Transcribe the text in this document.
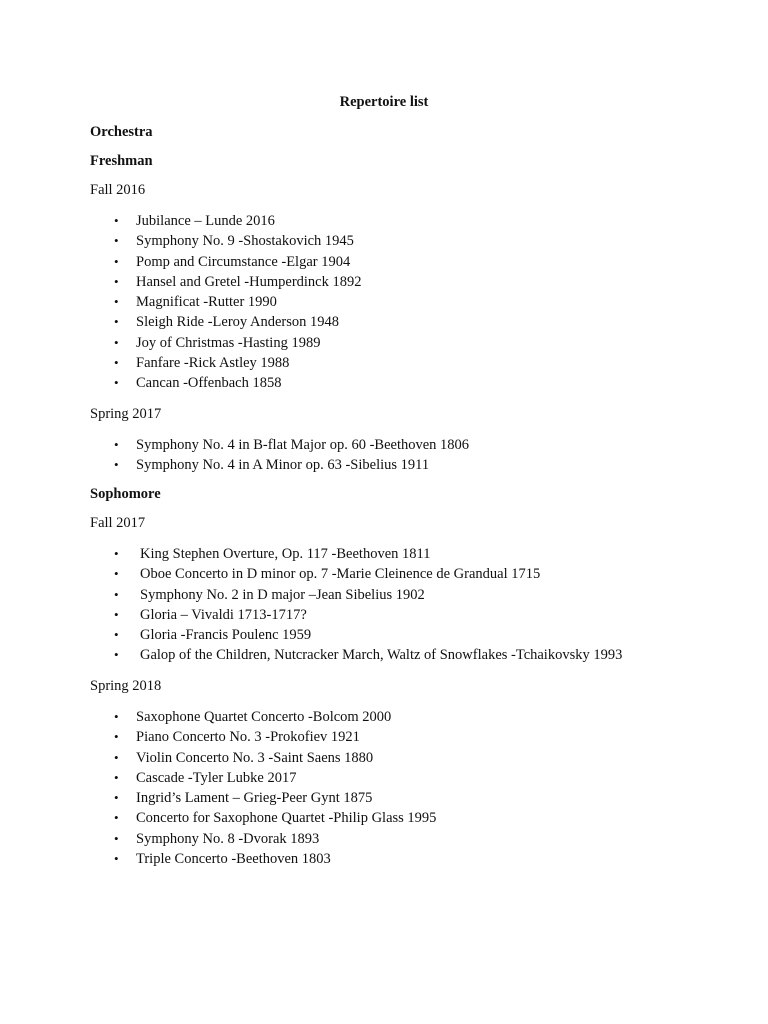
Repertoire list
Orchestra
Freshman
Fall 2016
• Jubilance – Lunde 2016
• Symphony No. 9 -Shostakovich 1945
• Pomp and Circumstance -Elgar 1904
• Hansel and Gretel -Humperdinck 1892
• Magnificat -Rutter 1990
• Sleigh Ride -Leroy Anderson 1948
• Joy of Christmas -Hasting 1989
• Fanfare -Rick Astley 1988
• Cancan -Offenbach 1858
Spring 2017
• Symphony No. 4 in B-flat Major op. 60 -Beethoven 1806
• Symphony No. 4 in A Minor op. 63 -Sibelius 1911
Sophomore
Fall 2017
• King Stephen Overture, Op. 117 -Beethoven 1811
• Oboe Concerto in D minor op. 7 -Marie Cleinence de Grandual 1715
• Symphony No. 2 in D major –Jean Sibelius 1902
• Gloria – Vivaldi 1713-1717?
• Gloria -Francis Poulenc 1959
• Galop of the Children, Nutcracker March, Waltz of Snowflakes -Tchaikovsky 1993
Spring 2018
• Saxophone Quartet Concerto -Bolcom 2000
• Piano Concerto No. 3 -Prokofiev 1921
• Violin Concerto No. 3 -Saint Saens 1880
• Cascade -Tyler Lubke 2017
• Ingrid’s Lament – Grieg-Peer Gynt 1875
• Concerto for Saxophone Quartet -Philip Glass 1995
• Symphony No. 8 -Dvorak 1893
• Triple Concerto -Beethoven 1803
